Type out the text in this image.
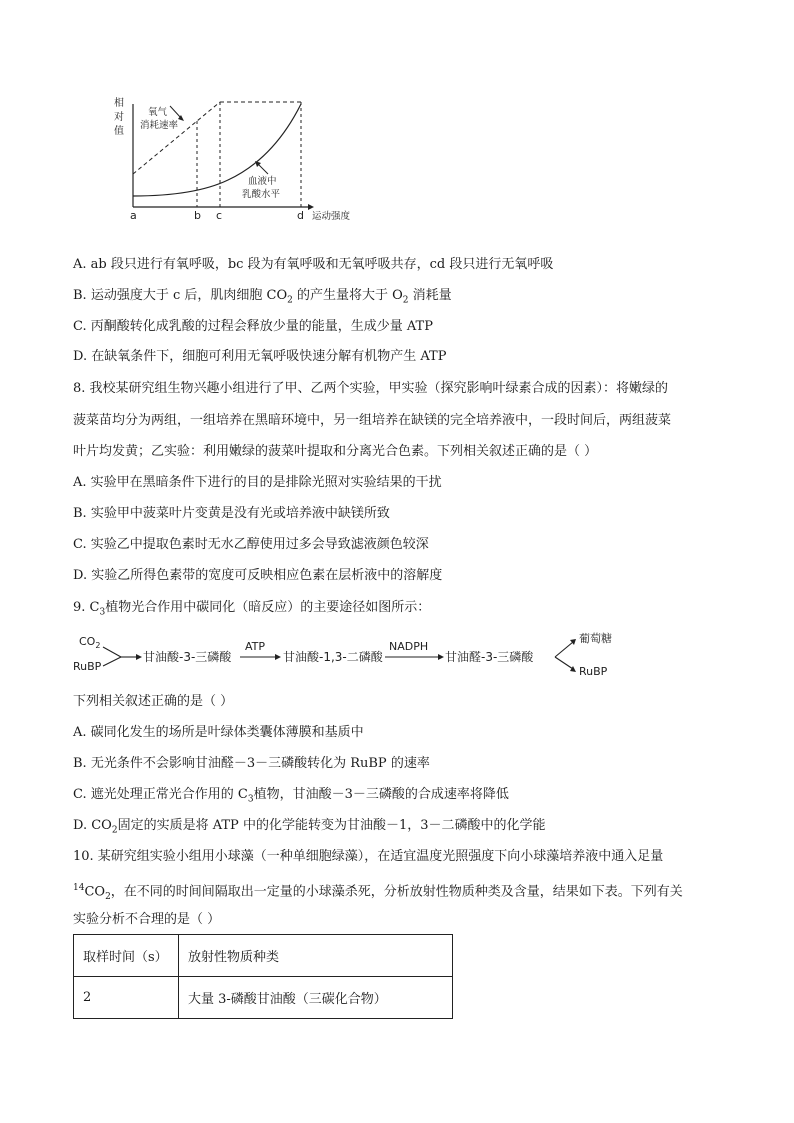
相
对
值
氧气
消耗速率
血液中
乳酸水平
a	b c	d 运动强度
A. ab 段只进行有氧呼吸，bc 段为有氧呼吸和无氧呼吸共存，cd 段只进行无氧呼吸
B. 运动强度大于 c 后，肌肉细胞 $CO_2$ 的产生量将大于 $O_2$ 消耗量
C. 丙酮酸转化成乳酸的过程会释放少量的能量，生成少量 ATP
D. 在缺氧条件下，细胞可利用无氧呼吸快速分解有机物产生 ATP
8. 我校某研究组生物兴趣小组进行了甲、乙两个实验，甲实验（探究影响叶绿素合成的因素）：将嫩绿的
菠菜苗均分为两组，一组培养在黑暗环境中，另一组培养在缺镁的完全培养液中，一段时间后，两组菠菜
叶片均发黄；乙实验：利用嫩绿的菠菜叶提取和分离光合色素。下列相关叙述正确的是（ ）
A. 实验甲在黑暗条件下进行的目的是排除光照对实验结果的干扰
B. 实验甲中菠菜叶片变黄是没有光或培养液中缺镁所致
C. 实验乙中提取色素时无水乙醇使用过多会导致滤液颜色较深
D. 实验乙所得色素带的宽度可反映相应色素在层析液中的溶解度
9. $C_3$植物光合作用中碳同化（暗反应）的主要途径如图所示：
$CO_2$
RuBP
甘油酸-3-三磷酸
ATP
甘油酸-1,3-二磷酸
NADPH
甘油醛-3-三磷酸
葡萄糖
RuBP
下列相关叙述正确的是（ ）
A. 碳同化发生的场所是叶绿体类囊体薄膜和基质中
B. 无光条件不会影响甘油醛－3－三磷酸转化为 RuBP 的速率
C. 遮光处理正常光合作用的 $C_3$植物，甘油酸－3－三磷酸的合成速率将降低
D. $CO_2$固定的实质是将 ATP 中的化学能转变为甘油酸－1，3－二磷酸中的化学能
10. 某研究组实验小组用小球藻（一种单细胞绿藻），在适宜温度光照强度下向小球藻培养液中通入足量
$^{14}CO_2$，在不同的时间间隔取出一定量的小球藻杀死，分析放射性物质种类及含量，结果如下表。下列有关
实验分析不合理的是（ ）
取样时间（s）	放射性物质种类
2	大量 3-磷酸甘油酸（三碳化合物）
